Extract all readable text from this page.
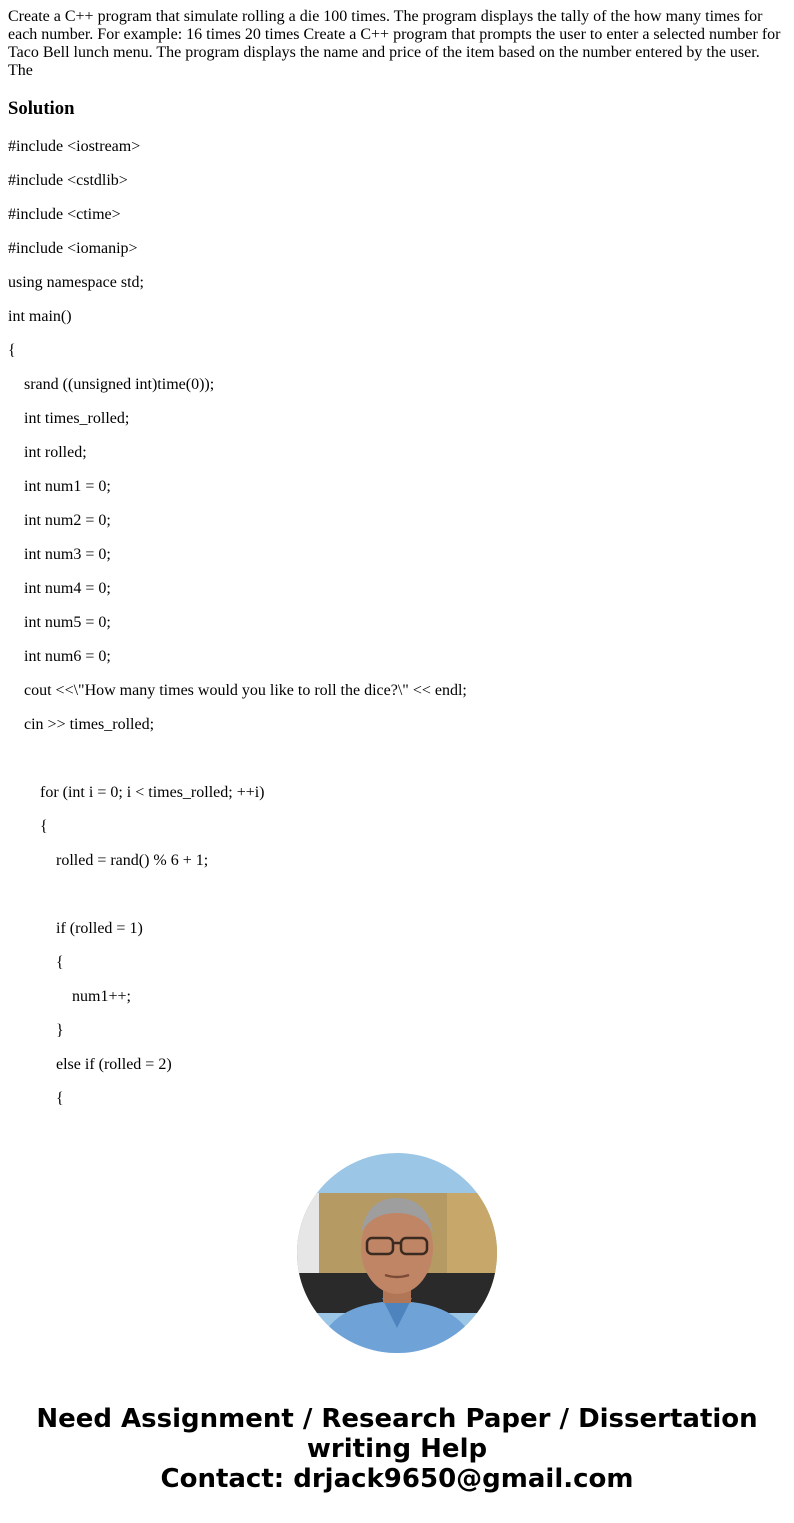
Create a C++ program that simulate rolling a die 100 times. The program displays the tally of the how many times for each number. For example: 16 times 20 times Create a C++ program that prompts the user to enter a selected number for Taco Bell lunch menu. The program displays the name and price of the item based on the number entered by the user. The

Solution
#include <iostream>
#include <cstdlib>
#include <ctime>
#include <iomanip>
using namespace std;
int main()
{
srand ((unsigned int)time(0));
int times_rolled;
int rolled;
int num1 = 0;
int num2 = 0;
int num3 = 0;
int num4 = 0;
int num5 = 0;
int num6 = 0;
cout <<\"How many times would you like to roll the dice?\" << endl;
cin >> times_rolled;
for (int i = 0; i < times_rolled; ++i)
{
rolled = rand() % 6 + 1;
if (rolled = 1)
{
num1++;
}
else if (rolled = 2)
{
Need Assignment / Research Paper / Dissertation
writing Help
Contact: drjack9650@gmail.com
